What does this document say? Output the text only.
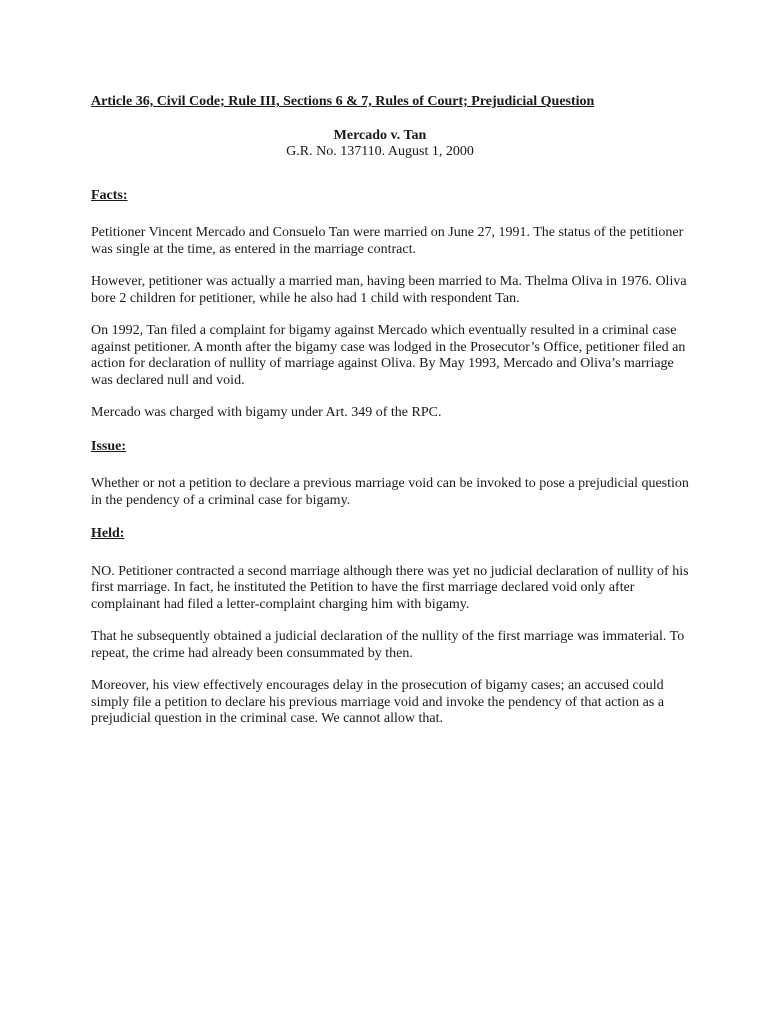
Article 36, Civil Code; Rule III, Sections 6 & 7, Rules of Court; Prejudicial Question

Mercado v. Tan

G.R. No. 137110. August 1, 2000

Facts:

Petitioner Vincent Mercado and Consuelo Tan were married on June 27, 1991. The status of the petitioner was single at the time, as entered in the marriage contract.

However, petitioner was actually a married man, having been married to Ma. Thelma Oliva in 1976. Oliva bore 2 children for petitioner, while he also had 1 child with respondent Tan.

On 1992, Tan filed a complaint for bigamy against Mercado which eventually resulted in a criminal case against petitioner. A month after the bigamy case was lodged in the Prosecutor’s Office, petitioner filed an action for declaration of nullity of marriage against Oliva. By May 1993, Mercado and Oliva’s marriage was declared null and void.

Mercado was charged with bigamy under Art. 349 of the RPC.

Issue:

Whether or not a petition to declare a previous marriage void can be invoked to pose a prejudicial question in the pendency of a criminal case for bigamy.

Held:

NO. Petitioner contracted a second marriage although there was yet no judicial declaration of nullity of his first marriage. In fact, he instituted the Petition to have the first marriage declared void only after complainant had filed a letter-complaint charging him with bigamy.

That he subsequently obtained a judicial declaration of the nullity of the first marriage was immaterial. To repeat, the crime had already been consummated by then.

Moreover, his view effectively encourages delay in the prosecution of bigamy cases; an accused could simply file a petition to declare his previous marriage void and invoke the pendency of that action as a prejudicial question in the criminal case. We cannot allow that.
